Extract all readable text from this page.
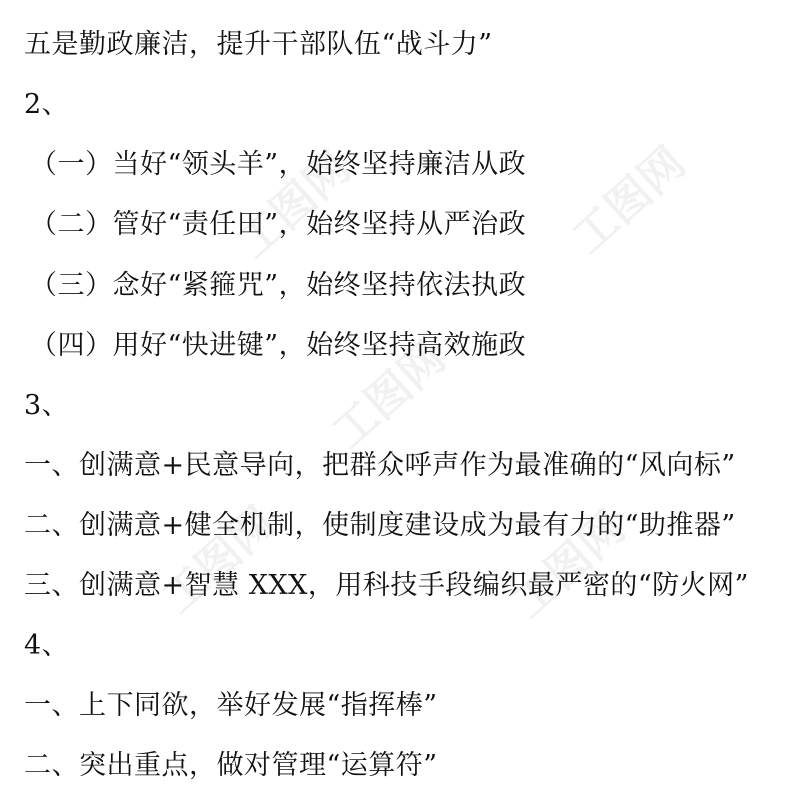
工图网
工图网
工图网	工图网
工图网
五是勤政廉洁，提升干部队伍“战斗力”
2、
（一）当好“领头羊”，始终坚持廉洁从政
（二）管好“责任田”，始终坚持从严治政
（三）念好“紧箍咒”，始终坚持依法执政
（四）用好“快进键”，始终坚持高效施政
3、
一、创满意+民意导向，把群众呼声作为最准确的“风向标”
二、创满意+健全机制，使制度建设成为最有力的“助推器”
三、创满意+智慧 XXX，用科技手段编织最严密的“防火网”
4、
一、上下同欲，举好发展“指挥棒”
二、突出重点，做对管理“运算符”
